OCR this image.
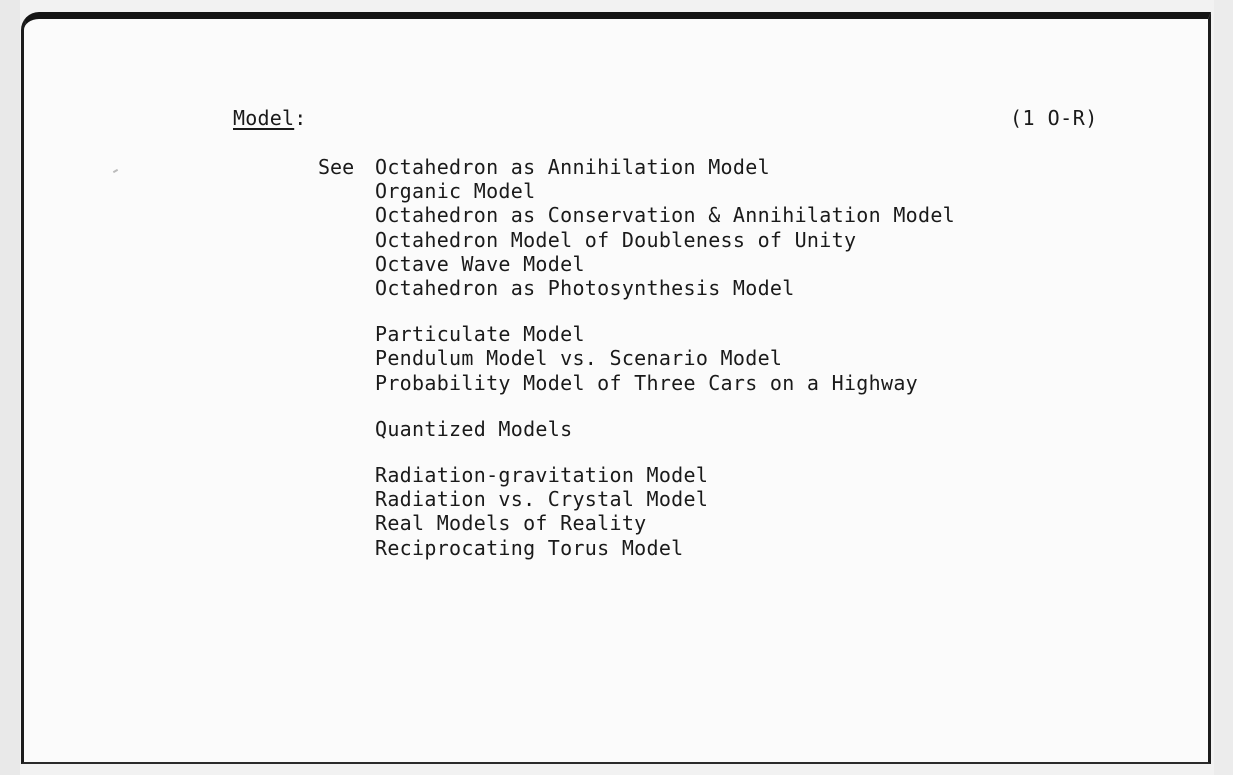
Model:	(1 O-R)
See Octahedron as Annihilation Model
Organic Model
Octahedron as Conservation & Annihilation Model
Octahedron Model of Doubleness of Unity
Octave Wave Model
Octahedron as Photosynthesis Model
Particulate Model
Pendulum Model vs. Scenario Model
Probability Model of Three Cars on a Highway
Quantized Models
Radiation-gravitation Model
Radiation vs. Crystal Model
Real Models of Reality
Reciprocating Torus Model
